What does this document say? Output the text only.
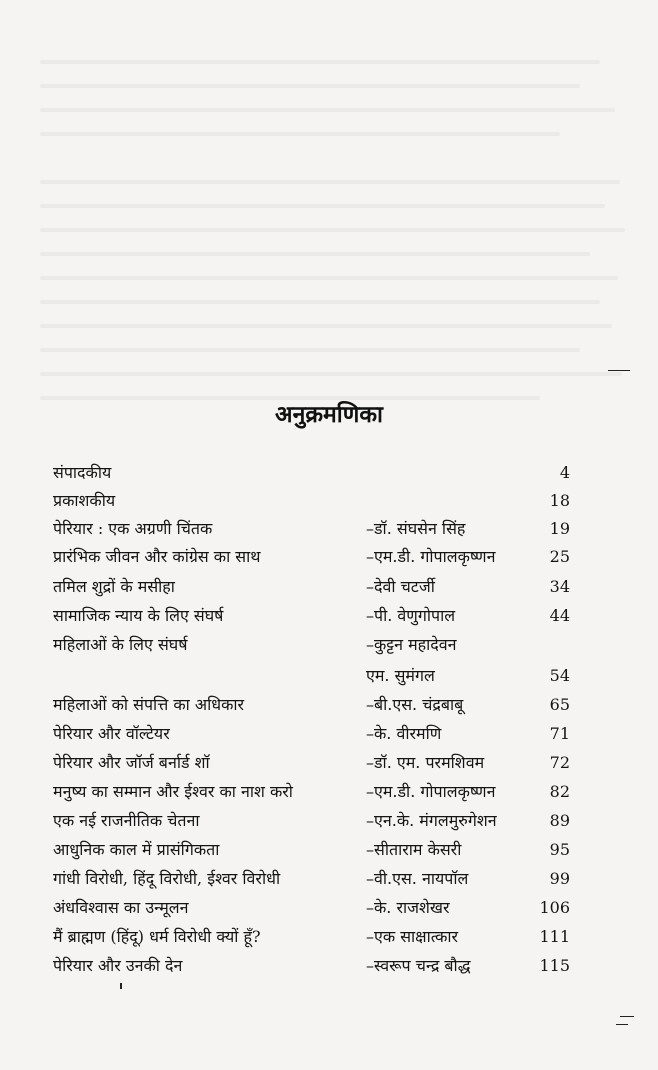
अनुक्रमणिका
संपादकीय	4
प्रकाशकीय	18
पेरियार : एक अग्रणी चिंतक	–डॉ. संघसेन सिंह	19
प्रारंभिक जीवन और कांग्रेस का साथ	–एम.डी. गोपालकृष्णन	25
तमिल शुद्रों के मसीहा	–देवी चटर्जी	34
सामाजिक न्याय के लिए संघर्ष	–पी. वेणुगोपाल	44
महिलाओं के लिए संघर्ष	–कुट्टन महादेवन
एम. सुमंगल	54
महिलाओं को संपत्ति का अधिकार	–बी.एस. चंद्रबाबू	65
पेरियार और वॉल्टेयर	–के. वीरमणि	71
पेरियार और जॉर्ज बर्नार्ड शॉ	–डॉ. एम. परमशिवम	72
मनुष्य का सम्मान और ईश्वर का नाश करो	–एम.डी. गोपालकृष्णन	82
एक नई राजनीतिक चेतना	–एन.के. मंगलमुरुगेशन	89
आधुनिक काल में प्रासंगिकता	–सीताराम केसरी	95
गांधी विरोधी, हिंदू विरोधी, ईश्वर विरोधी	–वी.एस. नायपॉल	99
अंधविश्वास का उन्मूलन	–के. राजशेखर	106
मैं ब्राह्मण (हिंदू) धर्म विरोधी क्यों हूँ?	–एक साक्षात्कार	111
पेरियार और उनकी देन	–स्वरूप चन्द्र बौद्ध	115
